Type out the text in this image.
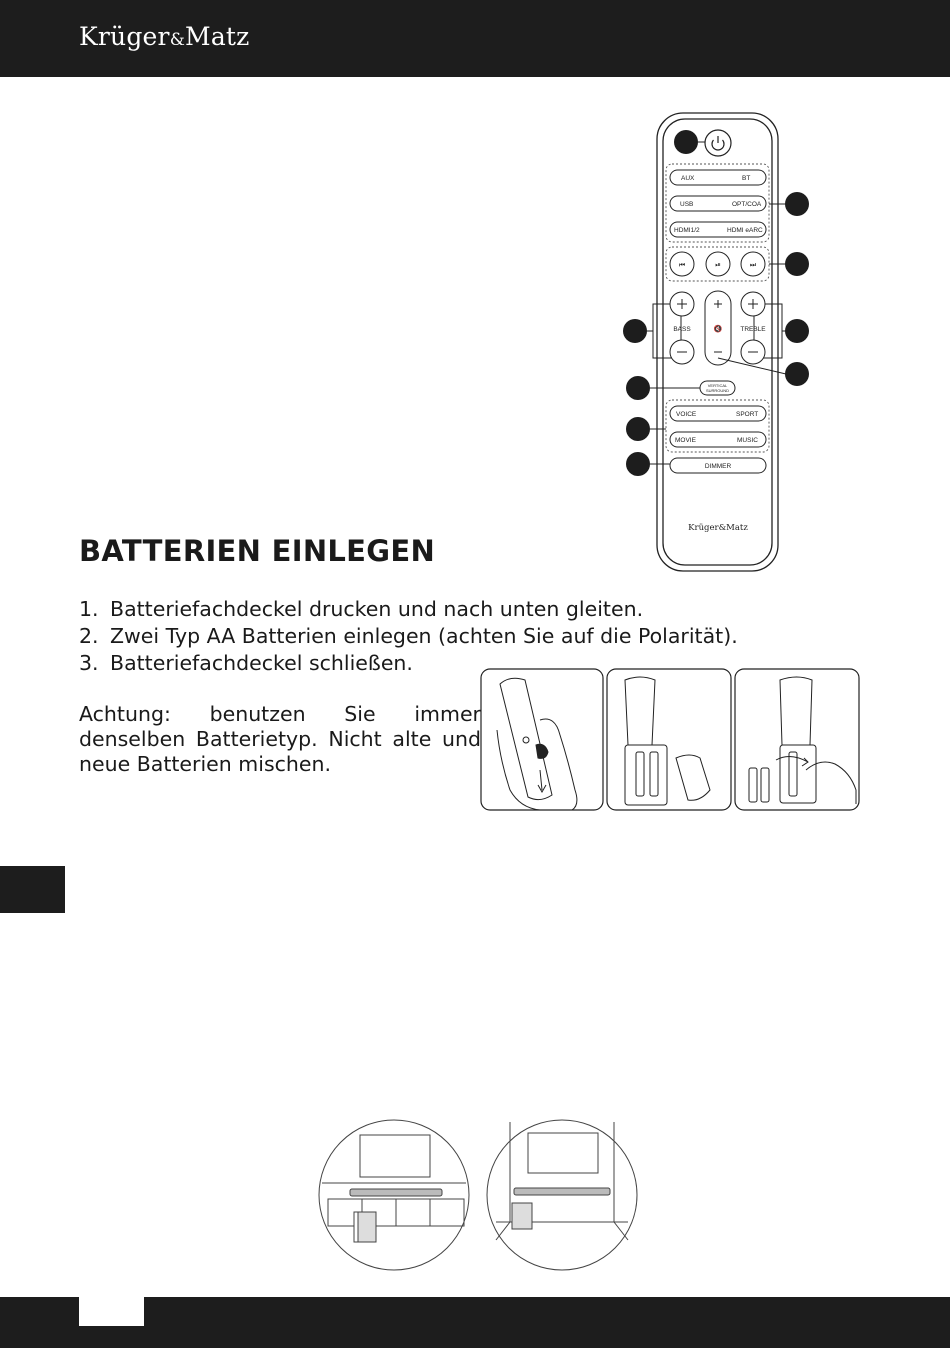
Krüger&Matz
AUX	BT
USB	OPT/COA
HDMI1/2	HDMI eARC
⏮	⏯	⏭
BASS	TREBLE
🔇
VERTICAL
SURROUND
VOICE	SPORT
MOVIE	MUSIC
DIMMER
Krüger&Matz
BATTERIEN EINLEGEN
1. Batteriefachdeckel drucken und nach unten gleiten.
2. Zwei Typ AA Batterien einlegen (achten Sie auf die Polarität).
3. Batteriefachdeckel schließen.

Achtung: benutzen Sie immer denselben Batterietyp. Nicht alte und neue Batterien mischen.
